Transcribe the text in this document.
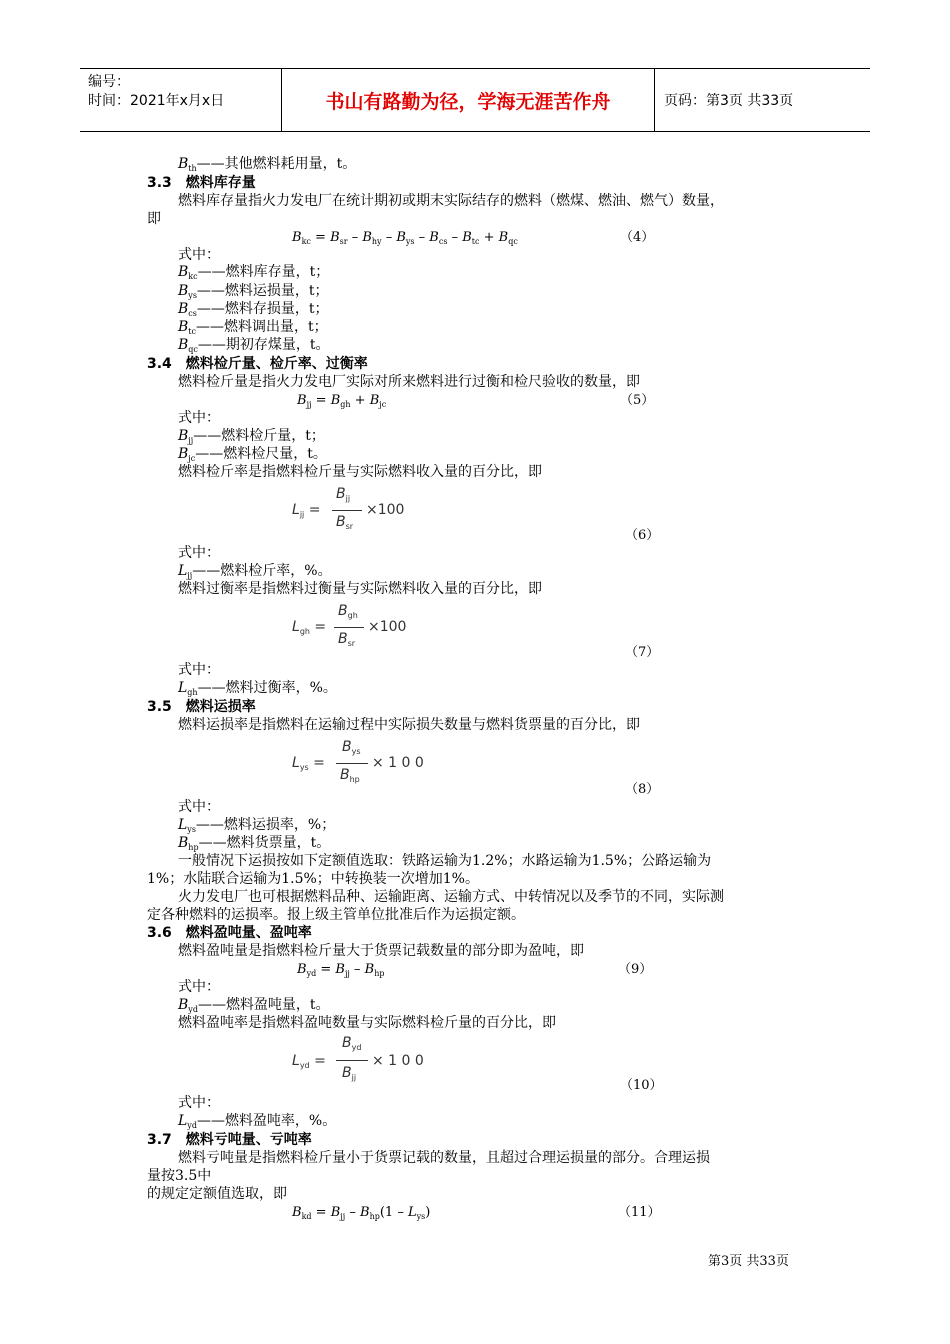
编号：
时间：2021年x月x日	书山有路勤为径，学海无涯苦作舟	页码：第3页 共33页
$B_{th}——$其他燃料耗用量，t。
3.3　燃料库存量
燃料库存量指火力发电厂在统计期初或期末实际结存的燃料（燃煤、燃油、燃气）数量，
即
$B_{kc} = B_{sr} - B_{hy} - B_{ys} - B_{cs} - B_{tc} + B_{qc}$	（4）
式中：
$B_{kc}——$燃料库存量，t；
$B_{ys}——$燃料运损量，t；
$B_{cs}——$燃料存损量，t；
$B_{tc}——$燃料调出量，t；
$B_{qc}——$期初存煤量，t。
3.4　燃料检斤量、检斤率、过衡率
燃料检斤量是指火力发电厂实际对所来燃料进行过衡和检尺验收的数量，即
$B_{jj} = B_{gh} + B_{jc}$	（5）
式中：
$B_{jj}——$燃料检斤量，t；
$B_{jc}——$燃料检尺量，t。
燃料检斤率是指燃料检斤量与实际燃料收入量的百分比，即
$L_{jj}$ =
$B_{jj}$
$B_{sr}$
×100
（6）
式中：
$L_{jj}——$燃料检斤率，%。
燃料过衡率是指燃料过衡量与实际燃料收入量的百分比，即
$L_{gh}$ =
$B_{gh}$
$B_{sr}$
×100
（7）
式中：
$L_{gh}——$燃料过衡率，%。
3.5　燃料运损率
燃料运损率是指燃料在运输过程中实际损失数量与燃料货票量的百分比，即
$L_{ys}$ =
$B_{ys}$
$B_{hp}$
× 1 0 0
（8）
式中：
$L_{ys}——$燃料运损率，%；
$B_{hp}——$燃料货票量，t。
一般情况下运损按如下定额值选取：铁路运输为1.2%；水路运输为1.5%；公路运输为
1%；水陆联合运输为1.5%；中转换装一次增加1%。
火力发电厂也可根据燃料品种、运输距离、运输方式、中转情况以及季节的不同，实际测
定各种燃料的运损率。报上级主管单位批准后作为运损定额。
3.6　燃料盈吨量、盈吨率
燃料盈吨量是指燃料检斤量大于货票记载数量的部分即为盈吨，即
$B_{yd} = B_{jj} - B_{hp}$	（9）
式中：
$B_{yd}——$燃料盈吨量，t。
燃料盈吨率是指燃料盈吨数量与实际燃料检斤量的百分比，即
$L_{yd}$ =
$B_{yd}$
$B_{jj}$
× 1 0 0
（10）
式中：
$L_{yd}——$燃料盈吨率，%。
3.7　燃料亏吨量、亏吨率
燃料亏吨量是指燃料检斤量小于货票记载的数量，且超过合理运损量的部分。合理运损
量按3.5中
的规定定额值选取，即
$B_{kd} = B_{jj} - B_{hp}(1 - L_{ys})$	（11）
第3页 共33页
